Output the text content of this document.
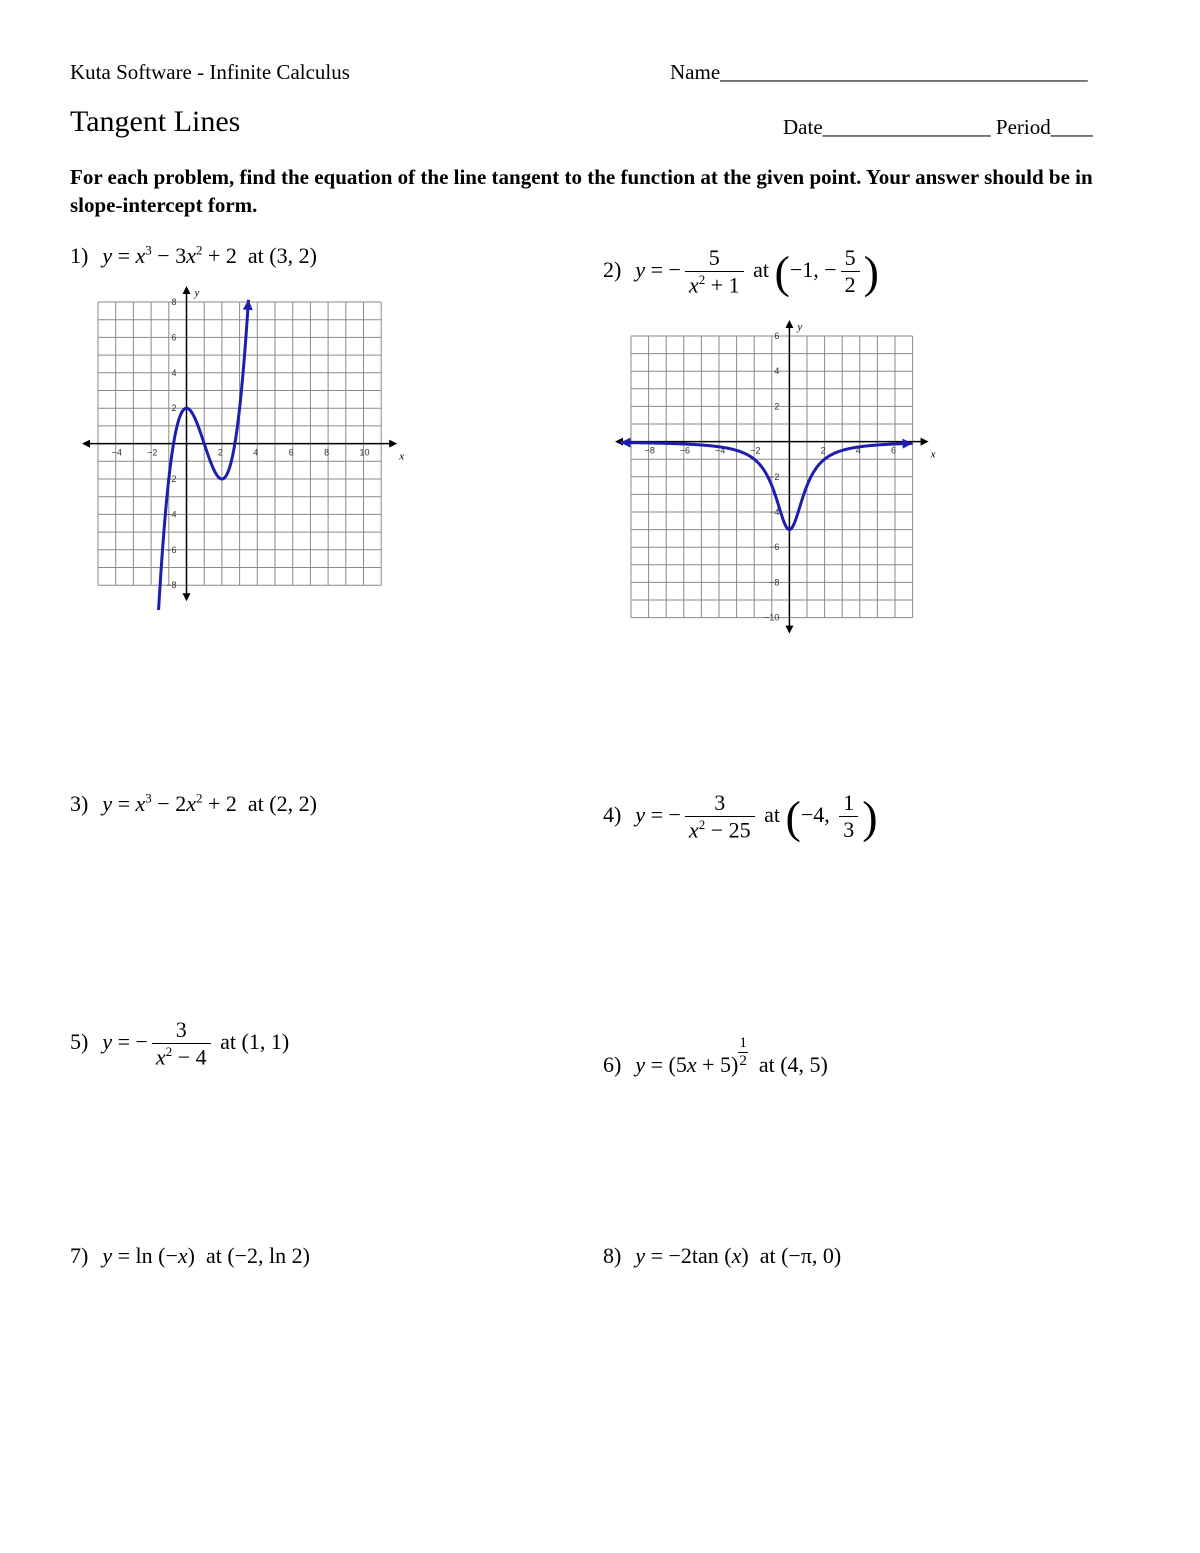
Kuta Software - Infinite Calculus	Name___________________________________
Tangent Lines	Date________________ Period____
For each problem, find the equation of the line tangent to the function at the given point. Your answer should be in slope-intercept form.
1) $y = x^3 - 3x^2 + 2$  at (3, 2)
2) y = − $\frac{5}{x^2 + 1}$ at (−1, − $\frac{5}{2}$ )
x
y
−4	−2	2	4	6	8	10
8
6
4
2
−2
−4
−6
−8
x
y
−8	−6	−4	−2	2	4	6
6
4
2
−2
−4
−6
−8
−10
3) $y = x^3 - 2x^2 + 2$  at (2, 2)	4) y = − $\frac{3}{x^2 - 25}$ at (−4, $\frac{1}{3}$ )
5) y = − $\frac{3}{x^2 - 4}$ at (1, 1)
6) y = (5x + 5) $^{\frac{1}{2}}$ at (4, 5)
7) y = ln (−x)  at (−2, ln 2)	8) y = −2tan (x)  at (−π, 0)
